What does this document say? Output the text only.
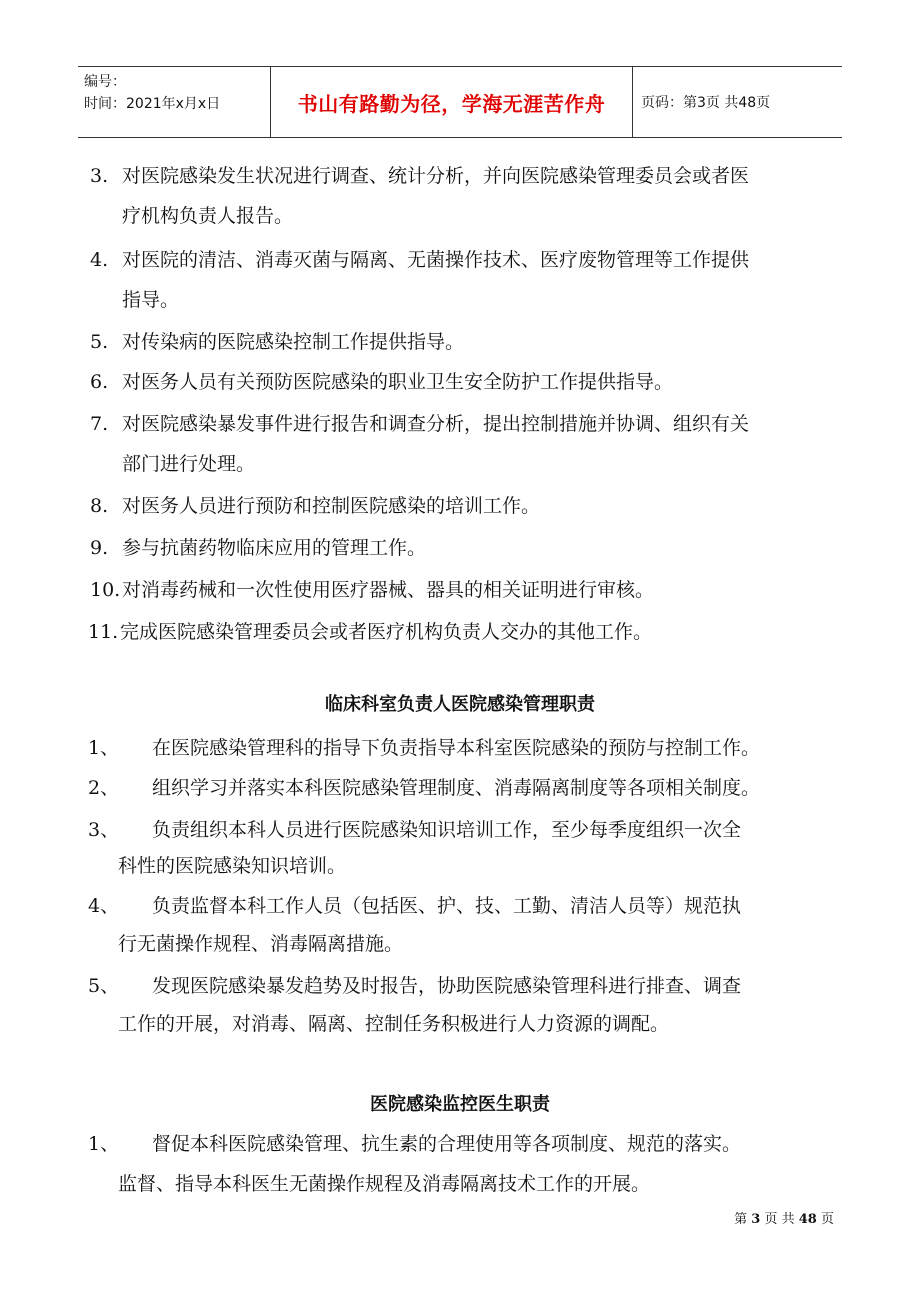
编号：
时间：2021年x月x日	书山有路勤为径，学海无涯苦作舟	页码：第3页 共48页
3. 对医院感染发生状况进行调查、统计分析，并向医院感染管理委员会或者医
疗机构负责人报告。
4. 对医院的清洁、消毒灭菌与隔离、无菌操作技术、医疗废物管理等工作提供
指导。
5. 对传染病的医院感染控制工作提供指导。
6. 对医务人员有关预防医院感染的职业卫生安全防护工作提供指导。
7. 对医院感染暴发事件进行报告和调查分析，提出控制措施并协调、组织有关
部门进行处理。
8. 对医务人员进行预防和控制医院感染的培训工作。
9. 参与抗菌药物临床应用的管理工作。
10.对消毒药械和一次性使用医疗器械、器具的相关证明进行审核。
11.完成医院感染管理委员会或者医疗机构负责人交办的其他工作。
临床科室负责人医院感染管理职责
1、 在医院感染管理科的指导下负责指导本科室医院感染的预防与控制工作。
2、 组织学习并落实本科医院感染管理制度、消毒隔离制度等各项相关制度。
3、 负责组织本科人员进行医院感染知识培训工作，至少每季度组织一次全
科性的医院感染知识培训。
4、 负责监督本科工作人员（包括医、护、技、工勤、清洁人员等）规范执
行无菌操作规程、消毒隔离措施。
5、 发现医院感染暴发趋势及时报告，协助医院感染管理科进行排查、调查
工作的开展，对消毒、隔离、控制任务积极进行人力资源的调配。
医院感染监控医生职责
1、 督促本科医院感染管理、抗生素的合理使用等各项制度、规范的落实。
监督、指导本科医生无菌操作规程及消毒隔离技术工作的开展。
第 3 页 共 48 页
